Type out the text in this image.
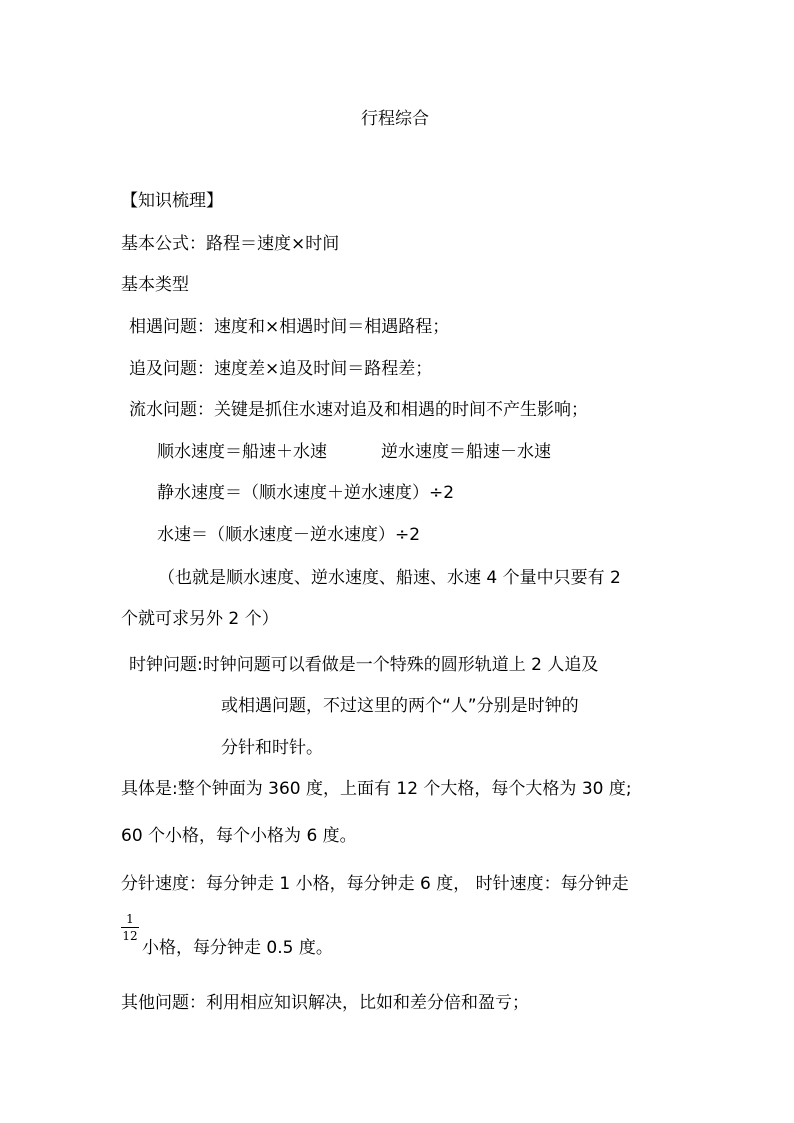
行程综合
【知识梳理】
基本公式：路程＝速度×时间
基本类型
相遇问题：速度和×相遇时间＝相遇路程；
追及问题：速度差×追及时间＝路程差；
流水问题：关键是抓住水速对追及和相遇的时间不产生影响；
顺水速度＝船速＋水速	逆水速度＝船速－水速
静水速度＝（顺水速度＋逆水速度）÷2
水速＝（顺水速度－逆水速度）÷2
（也就是顺水速度、逆水速度、船速、水速 4 个量中只要有 2
个就可求另外 2 个）
时钟问题:时钟问题可以看做是一个特殊的圆形轨道上 2 人追及
或相遇问题，不过这里的两个“人”分别是时钟的
分针和时针。
具体是:整个钟面为 360 度，上面有 12 个大格，每个大格为 30 度;
60 个小格，每个小格为 6 度。
分针速度：每分钟走 1 小格，每分钟走 6 度， 时针速度：每分钟走
1
12
小格，每分钟走 0.5 度。
其他问题：利用相应知识解决，比如和差分倍和盈亏；
